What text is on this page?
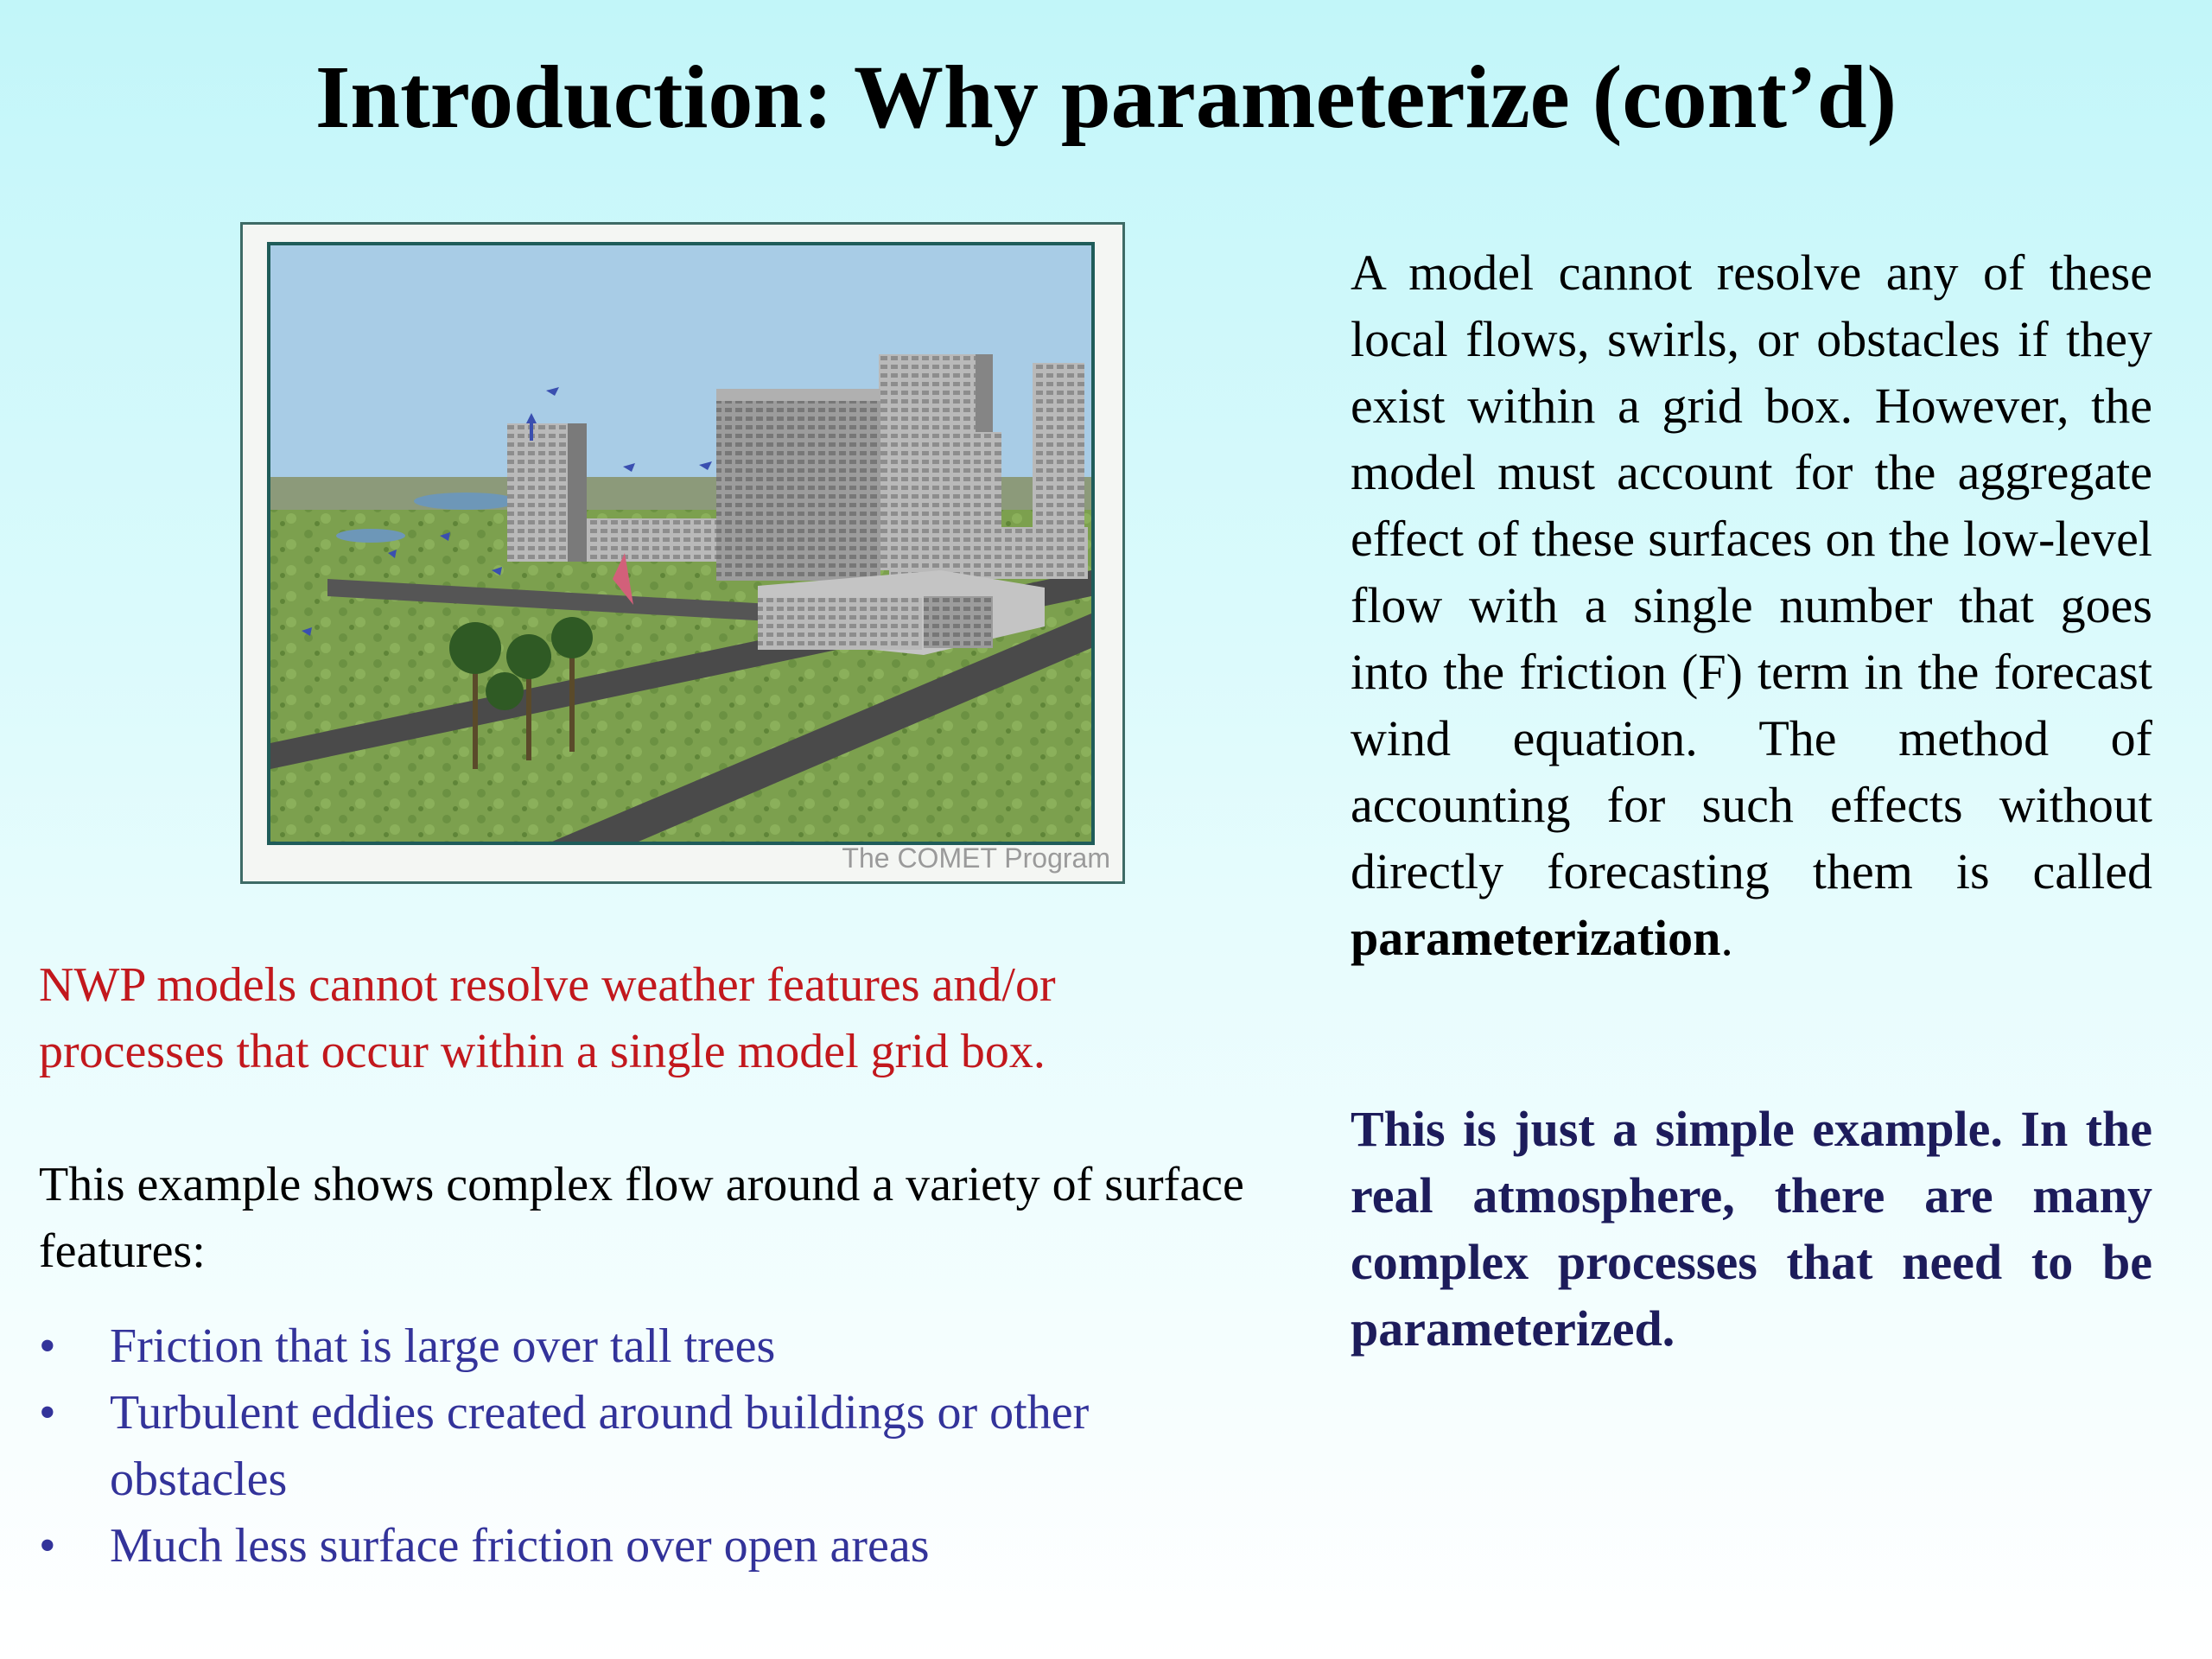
Introduction: Why parameterize (cont’d)
The COMET Program

A model cannot resolve any of these local flows, swirls, or obstacles if they exist within a grid box. However, the model must account for the aggregate effect of these surfaces on the low-level flow with a single number that goes into the friction (F) term in the forecast wind equation. The method of accounting for such effects without directly forecasting them is called parameterization.

This is just a simple example. In the real atmosphere, there are many complex processes that need to be parameterized.

NWP models cannot resolve weather features and/or processes that occur within a single model grid box.

This example shows complex flow around a variety of surface features:

• Friction that is large over tall trees
• Turbulent eddies created around buildings or other obstacles
• Much less surface friction over open areas
